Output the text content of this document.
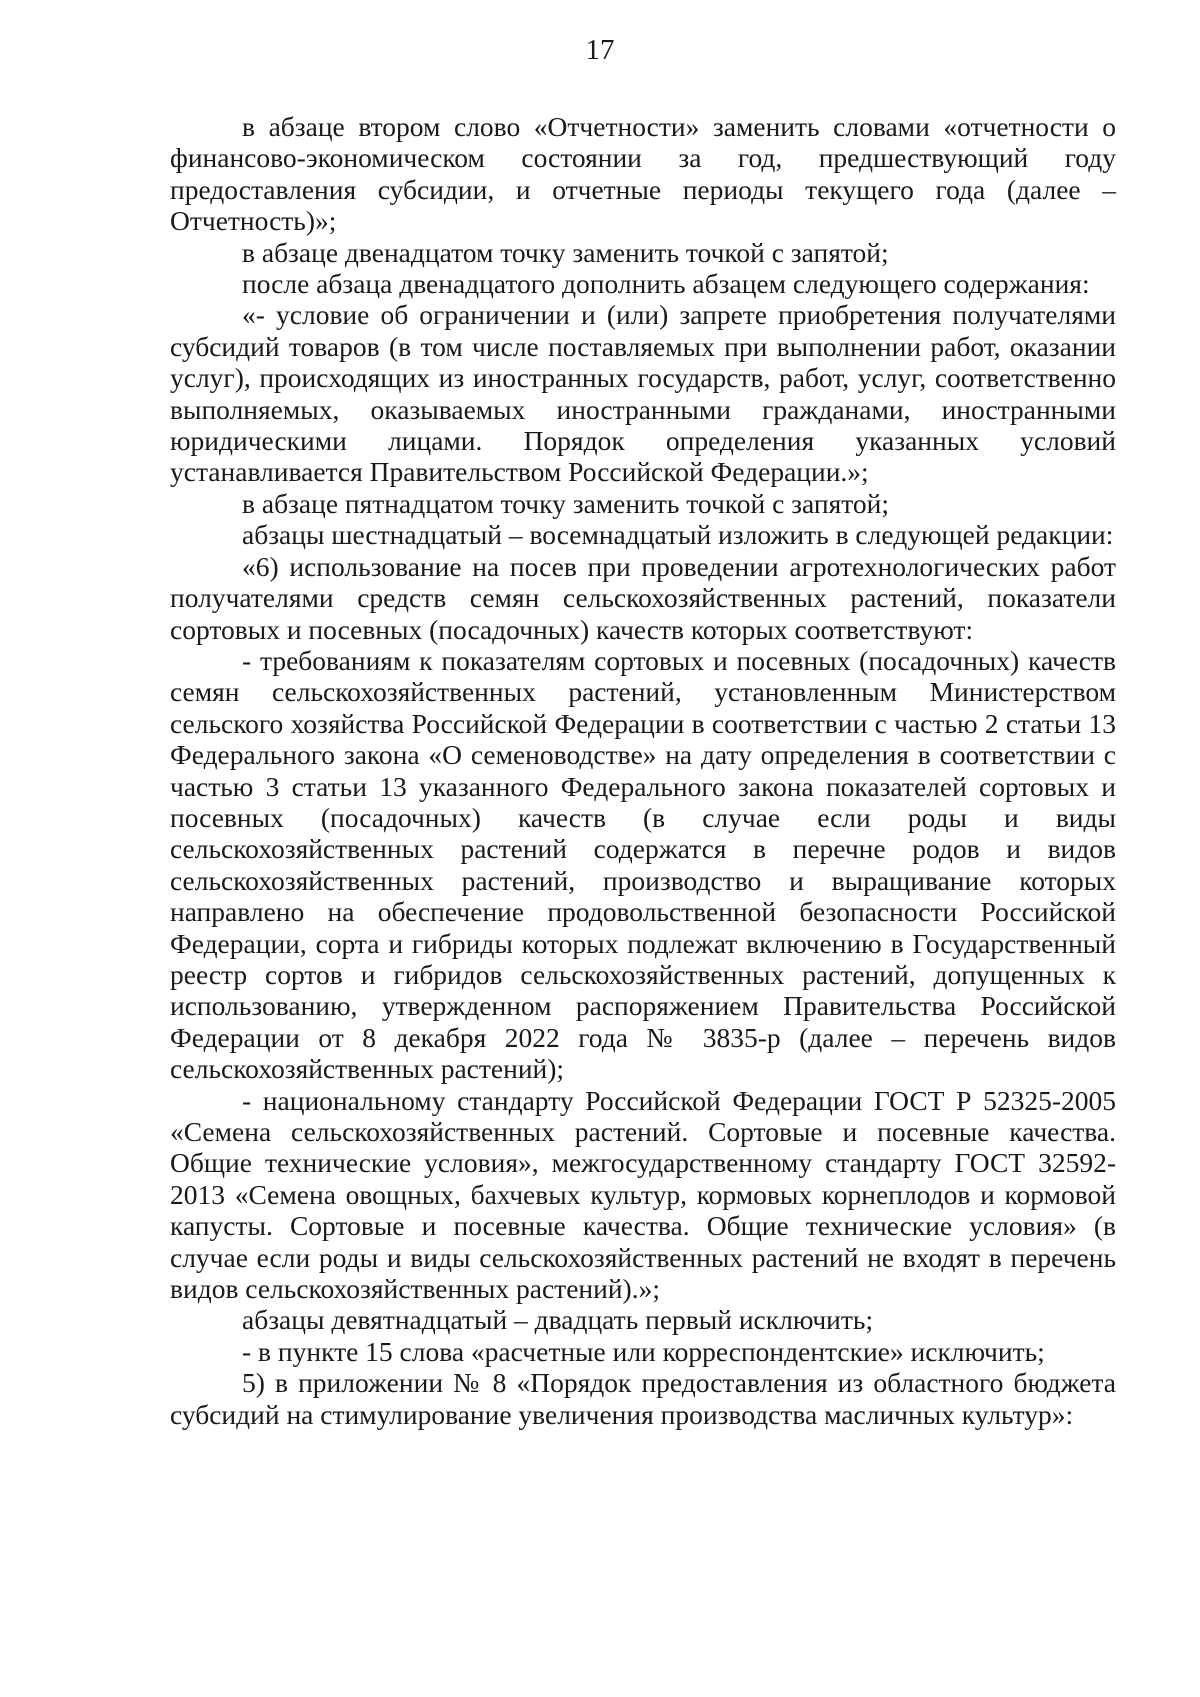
17

в абзаце втором слово «Отчетности» заменить словами «отчетности о финансово-экономическом состоянии за год, предшествующий году предоставления субсидии, и отчетные периоды текущего года (далее – Отчетность)»;

в абзаце двенадцатом точку заменить точкой с запятой;

после абзаца двенадцатого дополнить абзацем следующего содержания:

«- условие об ограничении и (или) запрете приобретения получателями субсидий товаров (в том числе поставляемых при выполнении работ, оказании услуг), происходящих из иностранных государств, работ, услуг, соответственно выполняемых, оказываемых иностранными гражданами, иностранными юридическими лицами. Порядок определения указанных условий устанавливается Правительством Российской Федерации.»;

в абзаце пятнадцатом точку заменить точкой с запятой;

абзацы шестнадцатый – восемнадцатый изложить в следующей редакции:

«6) использование на посев при проведении агротехнологических работ получателями средств семян сельскохозяйственных растений, показатели сортовых и посевных (посадочных) качеств которых соответствуют:

- требованиям к показателям сортовых и посевных (посадочных) качеств семян сельскохозяйственных растений, установленным Министерством сельского хозяйства Российской Федерации в соответствии с частью 2 статьи 13 Федерального закона «О семеноводстве» на дату определения в соответствии с частью 3 статьи 13 указанного Федерального закона показателей сортовых и посевных (посадочных) качеств (в случае если роды и виды сельскохозяйственных растений содержатся в перечне родов и видов сельскохозяйственных растений, производство и выращивание которых направлено на обеспечение продовольственной безопасности Российской Федерации, сорта и гибриды которых подлежат включению в Государственный реестр сортов и гибридов сельскохозяйственных растений, допущенных к использованию, утвержденном распоряжением Правительства Российской Федерации от 8 декабря 2022 года № 3835-р (далее – перечень видов сельскохозяйственных растений);

- национальному стандарту Российской Федерации ГОСТ Р 52325-2005 «Семена сельскохозяйственных растений. Сортовые и посевные качества. Общие технические условия», межгосударственному стандарту ГОСТ 32592-2013 «Семена овощных, бахчевых культур, кормовых корнеплодов и кормовой капусты. Сортовые и посевные качества. Общие технические условия» (в случае если роды и виды сельскохозяйственных растений не входят в перечень видов сельскохозяйственных растений).»;

абзацы девятнадцатый – двадцать первый исключить;

- в пункте 15 слова «расчетные или корреспондентские» исключить;

5) в приложении № 8 «Порядок предоставления из областного бюджета субсидий на стимулирование увеличения производства масличных культур»:
